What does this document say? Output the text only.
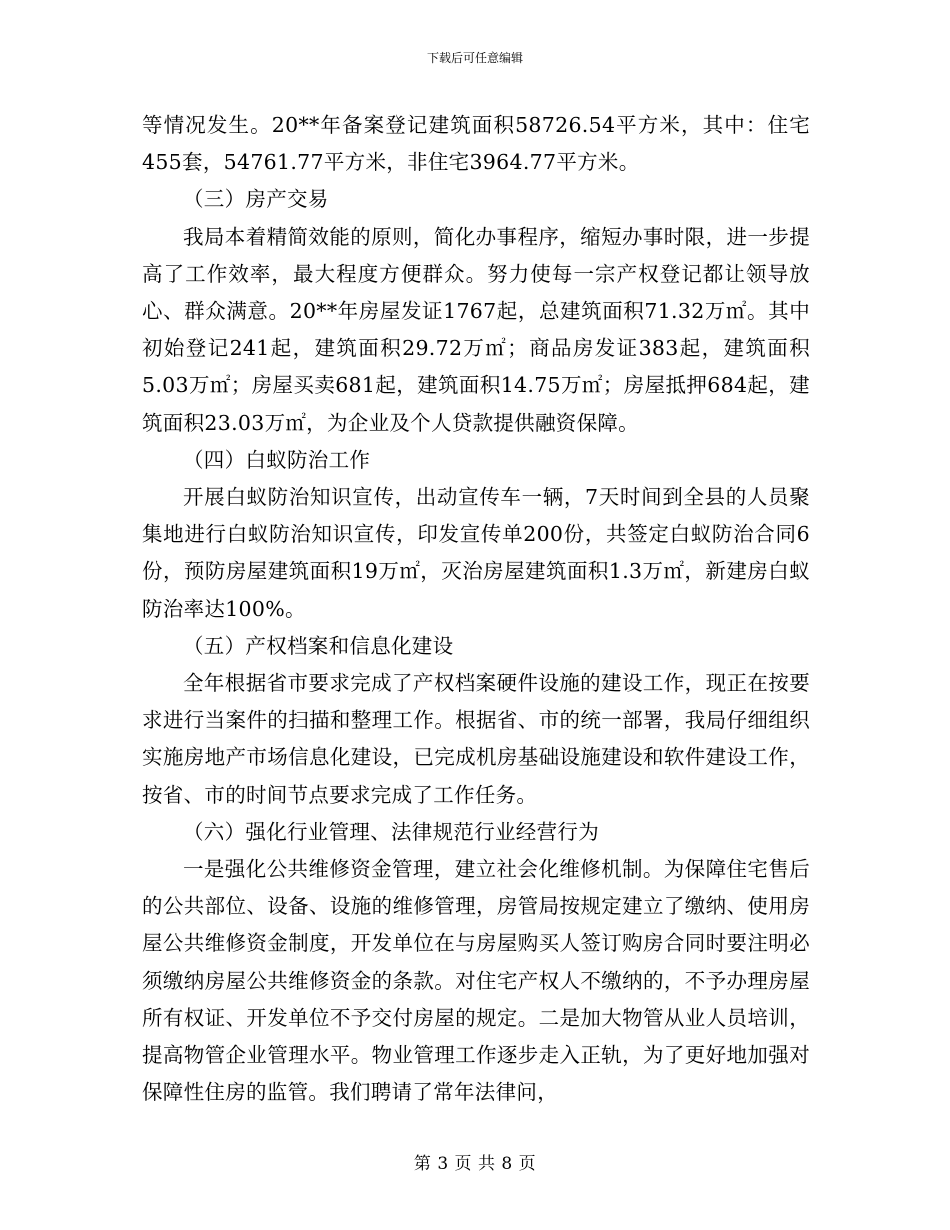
下载后可任意编辑

等情况发生。20**年备案登记建筑面积58726.54平方米，其中：住宅455套，54761.77平方米，非住宅3964.77平方米。

（三）房产交易

我局本着精简效能的原则，简化办事程序，缩短办事时限，进一步提高了工作效率，最大程度方便群众。努力使每一宗产权登记都让领导放心、群众满意。20**年房屋发证1767起，总建筑面积71.32万㎡。其中初始登记241起，建筑面积29.72万㎡；商品房发证383起，建筑面积5.03万㎡；房屋买卖681起，建筑面积14.75万㎡；房屋抵押684起，建筑面积23.03万㎡，为企业及个人贷款提供融资保障。

（四）白蚁防治工作

开展白蚁防治知识宣传，出动宣传车一辆，7天时间到全县的人员聚集地进行白蚁防治知识宣传，印发宣传单200份，共签定白蚁防治合同6份，预防房屋建筑面积19万㎡，灭治房屋建筑面积1.3万㎡，新建房白蚁防治率达100%。

（五）产权档案和信息化建设

全年根据省市要求完成了产权档案硬件设施的建设工作，现正在按要求进行当案件的扫描和整理工作。根据省、市的统一部署，我局仔细组织实施房地产市场信息化建设，已完成机房基础设施建设和软件建设工作，按省、市的时间节点要求完成了工作任务。

（六）强化行业管理、法律规范行业经营行为

一是强化公共维修资金管理，建立社会化维修机制。为保障住宅售后的公共部位、设备、设施的维修管理，房管局按规定建立了缴纳、使用房屋公共维修资金制度，开发单位在与房屋购买人签订购房合同时要注明必须缴纳房屋公共维修资金的条款。对住宅产权人不缴纳的，不予办理房屋所有权证、开发单位不予交付房屋的规定。二是加大物管从业人员培训，提高物管企业管理水平。物业管理工作逐步走入正轨，为了更好地加强对保障性住房的监管。我们聘请了常年法律问，

第 3 页 共 8 页
